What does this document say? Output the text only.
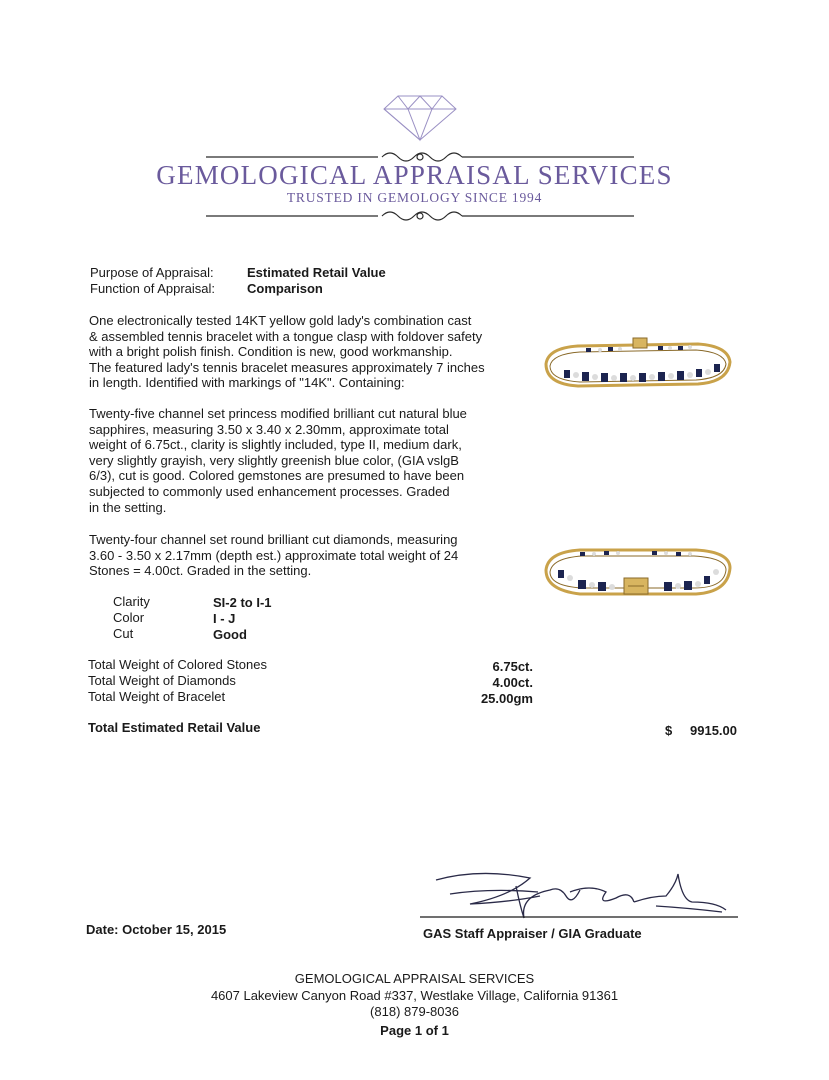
GEMOLOGICAL APPRAISAL SERVICES
TRUSTED IN GEMOLOGY SINCE 1994
Purpose of Appraisal:	Estimated Retail Value
Function of Appraisal: Comparison
One electronically tested 14KT yellow gold lady's combination cast
& assembled tennis bracelet with a tongue clasp with foldover safety
with a bright polish finish. Condition is new, good workmanship.
The featured lady's tennis bracelet measures approximately 7 inches
in length. Identified with markings of "14K". Containing:
Twenty-five channel set princess modified brilliant cut natural blue
sapphires, measuring 3.50 x 3.40 x 2.30mm, approximate total
weight of 6.75ct., clarity is slightly included, type II, medium dark,
very slightly grayish, very slightly greenish blue color, (GIA vslgB
6/3), cut is good. Colored gemstones are presumed to have been
subjected to commonly used enhancement processes. Graded
in the setting.
Twenty-four channel set round brilliant cut diamonds, measuring
3.60 - 3.50 x 2.17mm (depth est.) approximate total weight of 24
Stones = 4.00ct. Graded in the setting.
Clarity	SI-2 to I-1
Color	I - J
Cut	Good
Total Weight of Colored Stones	6.75ct.
Total Weight of Diamonds	4.00ct.
Total Weight of Bracelet	25.00gm
Total Estimated Retail Value	$	9915.00
Date: October 15, 2015	GAS Staff Appraiser / GIA Graduate
GEMOLOGICAL APPRAISAL SERVICES
4607 Lakeview Canyon Road #337, Westlake Village, California 91361
(818) 879-8036
Page 1 of 1
